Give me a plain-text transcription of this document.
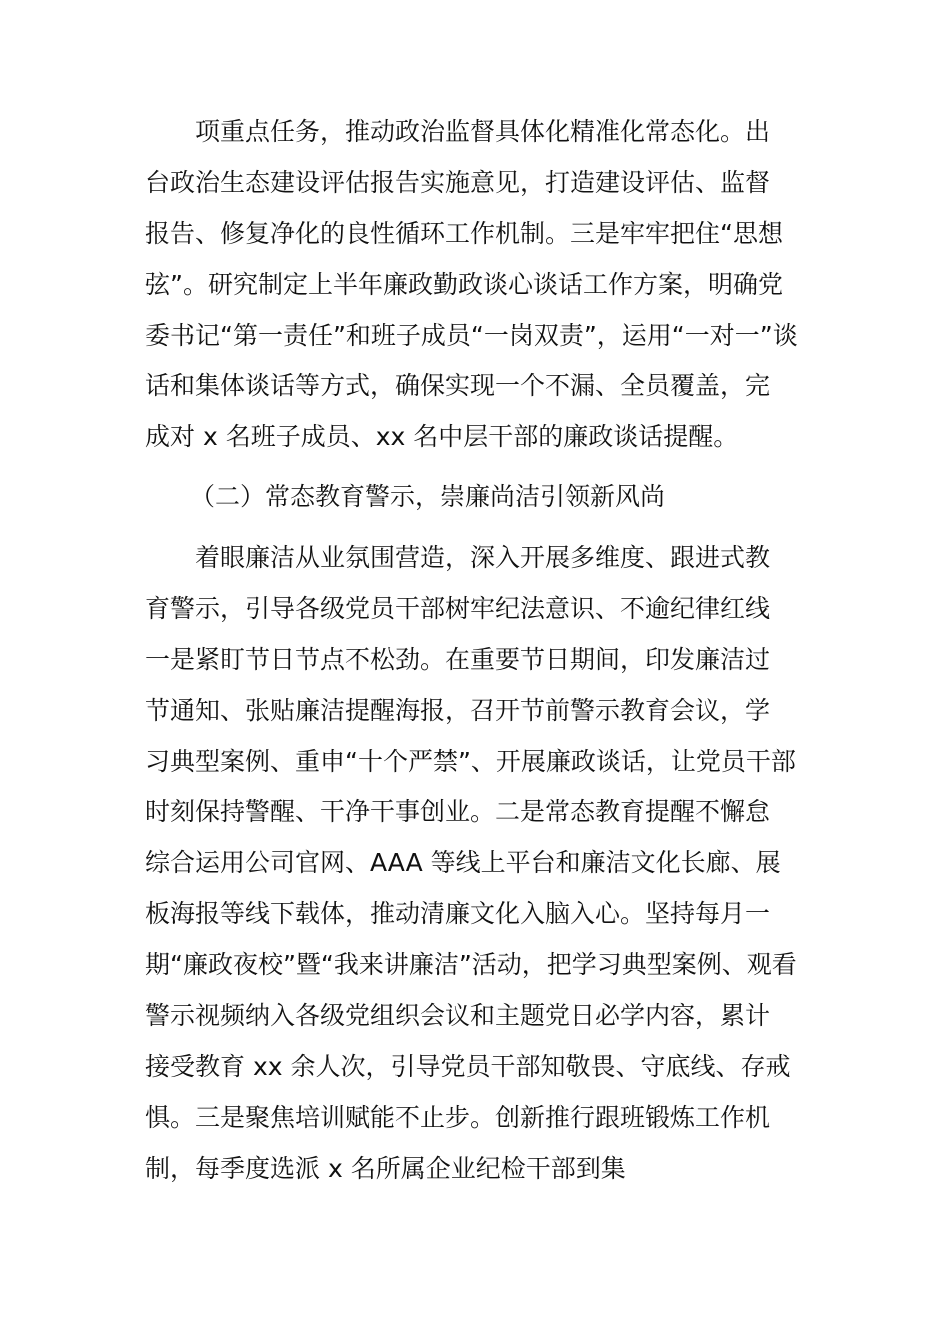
项重点任务，推动政治监督具体化精准化常态化。出
台政治生态建设评估报告实施意见，打造建设评估、监督
报告、修复净化的良性循环工作机制。三是牢牢把住“思想
弦”。研究制定上半年廉政勤政谈心谈话工作方案，明确党
委书记“第一责任”和班子成员“一岗双责”，运用“一对一”谈
话和集体谈话等方式，确保实现一个不漏、全员覆盖，完
成对 x 名班子成员、xx 名中层干部的廉政谈话提醒。
（二）常态教育警示，崇廉尚洁引领新风尚
着眼廉洁从业氛围营造，深入开展多维度、跟进式教
育警示，引导各级党员干部树牢纪法意识、不逾纪律红线
一是紧盯节日节点不松劲。在重要节日期间，印发廉洁过
节通知、张贴廉洁提醒海报，召开节前警示教育会议，学
习典型案例、重申“十个严禁”、开展廉政谈话，让党员干部
时刻保持警醒、干净干事创业。二是常态教育提醒不懈怠
综合运用公司官网、AAA 等线上平台和廉洁文化长廊、展
板海报等线下载体，推动清廉文化入脑入心。坚持每月一
期“廉政夜校”暨“我来讲廉洁”活动，把学习典型案例、观看
警示视频纳入各级党组织会议和主题党日必学内容，累计
接受教育 xx 余人次，引导党员干部知敬畏、守底线、存戒
惧。三是聚焦培训赋能不止步。创新推行跟班锻炼工作机
制，每季度选派 x 名所属企业纪检干部到集
